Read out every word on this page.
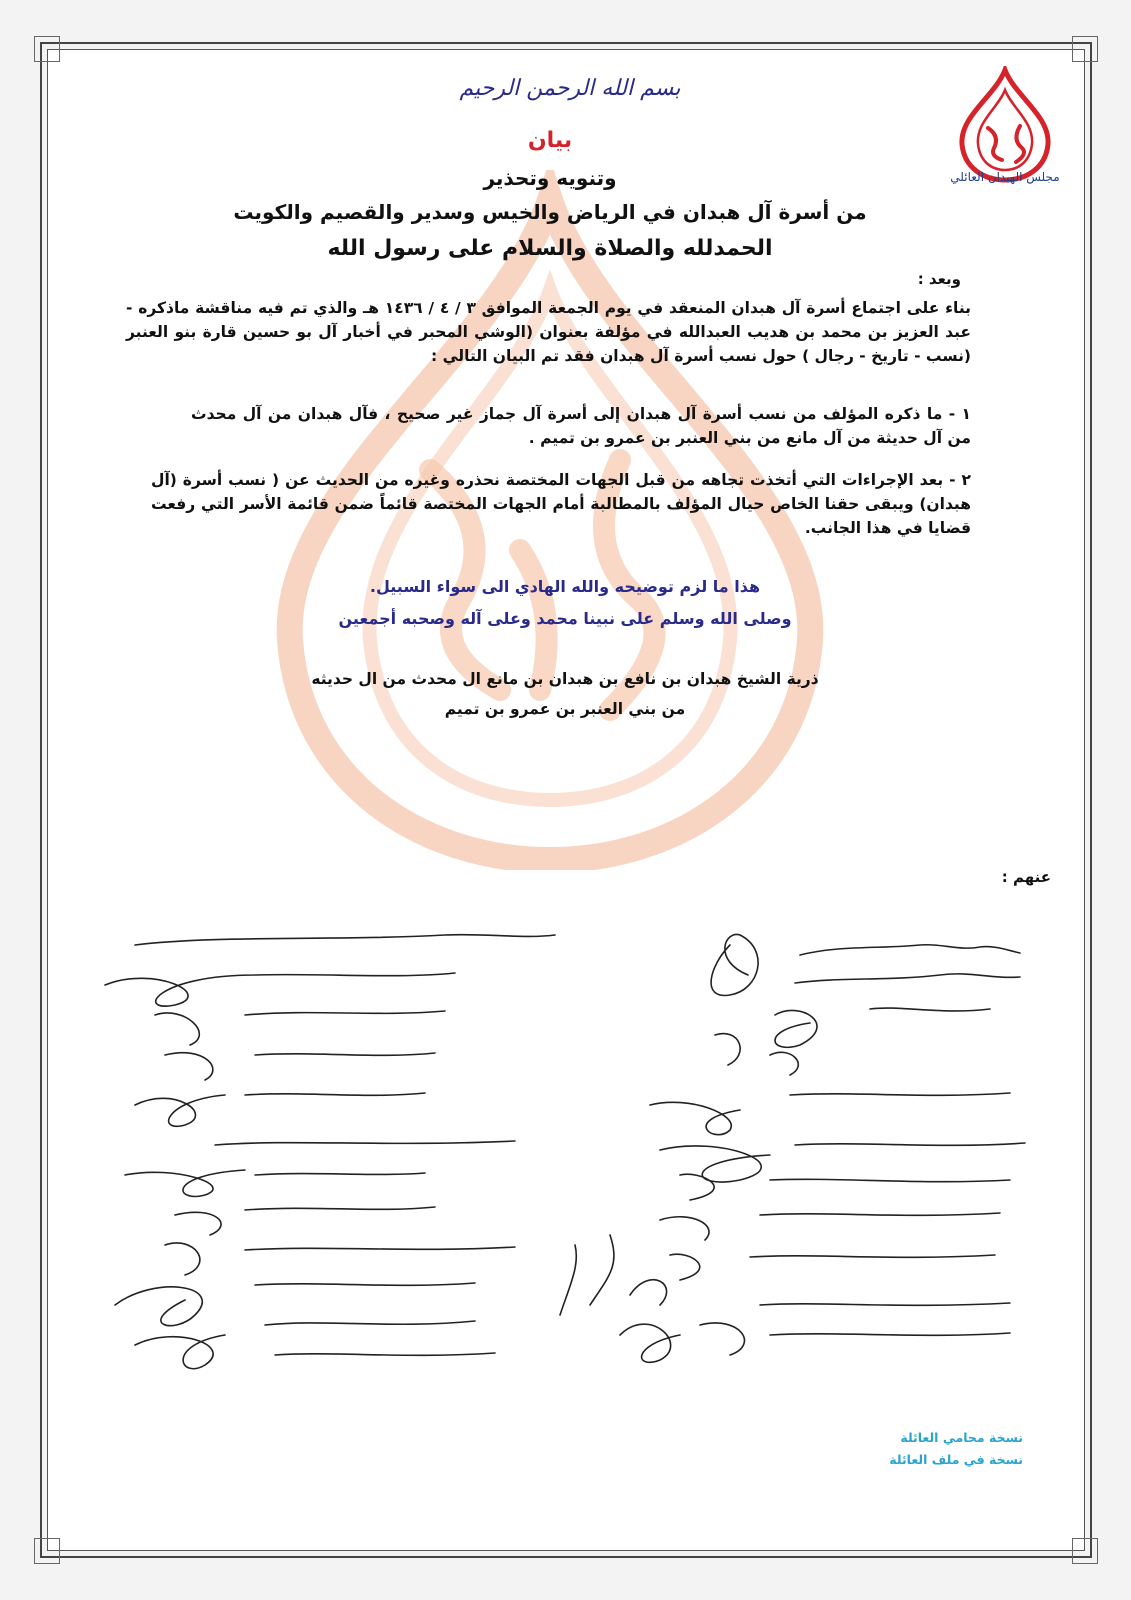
بسم الله الرحمن الرحيم
مجلس الهبدان العائلي
بيان
وتنويه وتحذير
من أسرة آل هبدان في الرياض والخيس وسدير والقصيم والكويت
الحمدلله والصلاة والسلام على رسول الله
وبعد :
بناء على اجتماع أسرة آل هبدان المنعقد في يوم الجمعة الموافق ٣ / ٤ / ١٤٣٦ هـ والذي تم فيه مناقشة ماذكره - عبد العزيز بن محمد بن هديب العبدالله في مؤلفة بعنوان (الوشي المحبر في أخبار آل بو حسين قارة بنو العنبر (نسب - تاريخ - رجال ) حول نسب أسرة آل هبدان فقد تم البيان التالي :
١ - ما ذكره المؤلف من نسب أسرة آل هبدان إلى أسرة آل جماز غير صحيح ، فآل هبدان من آل محدث من آل حديثة من آل مانع من بني العنبر بن عمرو بن تميم .
٢ - بعد الإجراءات التي أتخذت تجاهه من قبل الجهات المختصة نحذره وغيره من الحديث عن ( نسب أسرة (آل هبدان) ويبقى حقنا الخاص حيال المؤلف بالمطالبة أمام الجهات المختصة قائماً ضمن قائمة الأسر التي رفعت قضايا في هذا الجانب.
هذا ما لزم توضيحه والله الهادي الى سواء السبيل.
وصلى الله وسلم على نبينا محمد وعلى آله وصحبه أجمعين
ذرية الشيخ هبدان بن نافع بن هبدان بن مانع ال محدث من ال حديثه
من بني العنبر بن عمرو بن تميم
عنهم :
نسخة محامي العائلة
نسخة في ملف العائلة
